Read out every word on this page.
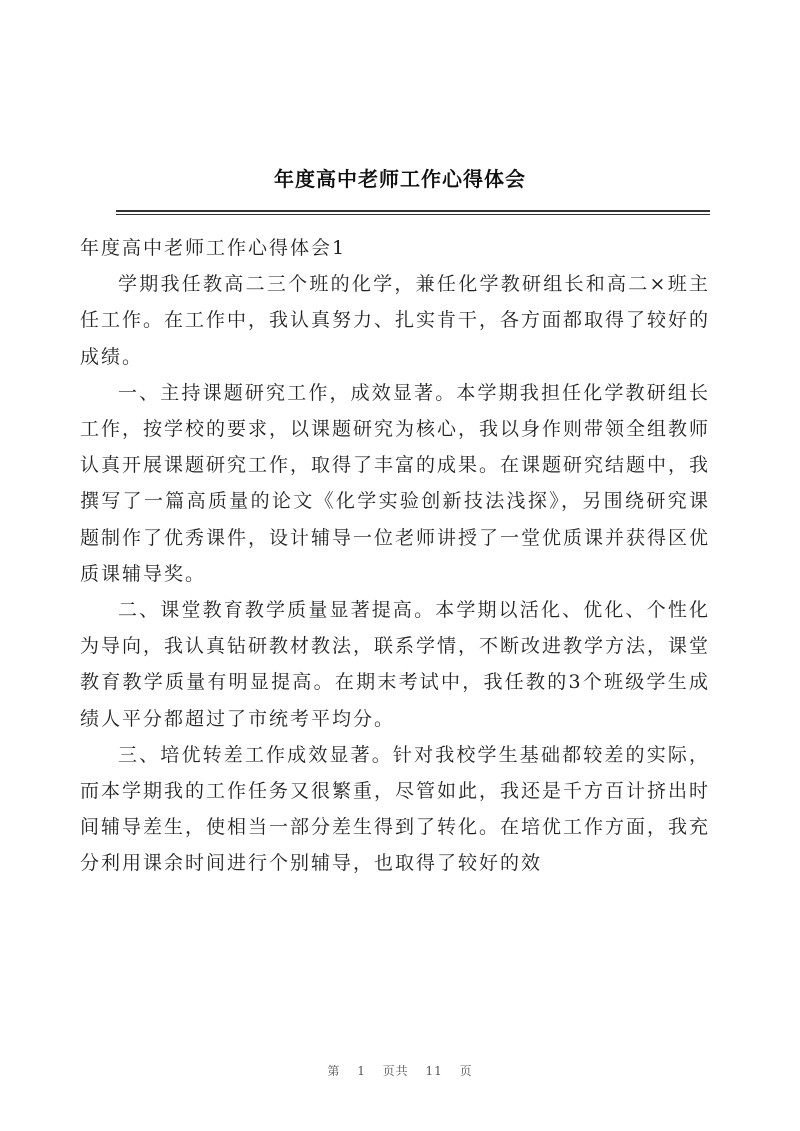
年度高中老师工作心得体会

年度高中老师工作心得体会1

学期我任教高二三个班的化学，兼任化学教研组长和高二×班主任工作。在工作中，我认真努力、扎实肯干，各方面都取得了较好的成绩。

一、主持课题研究工作，成效显著。本学期我担任化学教研组长工作，按学校的要求，以课题研究为核心，我以身作则带领全组教师认真开展课题研究工作，取得了丰富的成果。在课题研究结题中，我撰写了一篇高质量的论文《化学实验创新技法浅探》，另围绕研究课题制作了优秀课件，设计辅导一位老师讲授了一堂优质课并获得区优质课辅导奖。

二、课堂教育教学质量显著提高。本学期以活化、优化、个性化为导向，我认真钻研教材教法，联系学情，不断改进教学方法，课堂教育教学质量有明显提高。在期末考试中，我任教的3个班级学生成绩人平分都超过了市统考平均分。

三、培优转差工作成效显著。针对我校学生基础都较差的实际，而本学期我的工作任务又很繁重，尽管如此，我还是千方百计挤出时间辅导差生，使相当一部分差生得到了转化。在培优工作方面，我充分利用课余时间进行个别辅导，也取得了较好的效

第 1 页共 11 页
